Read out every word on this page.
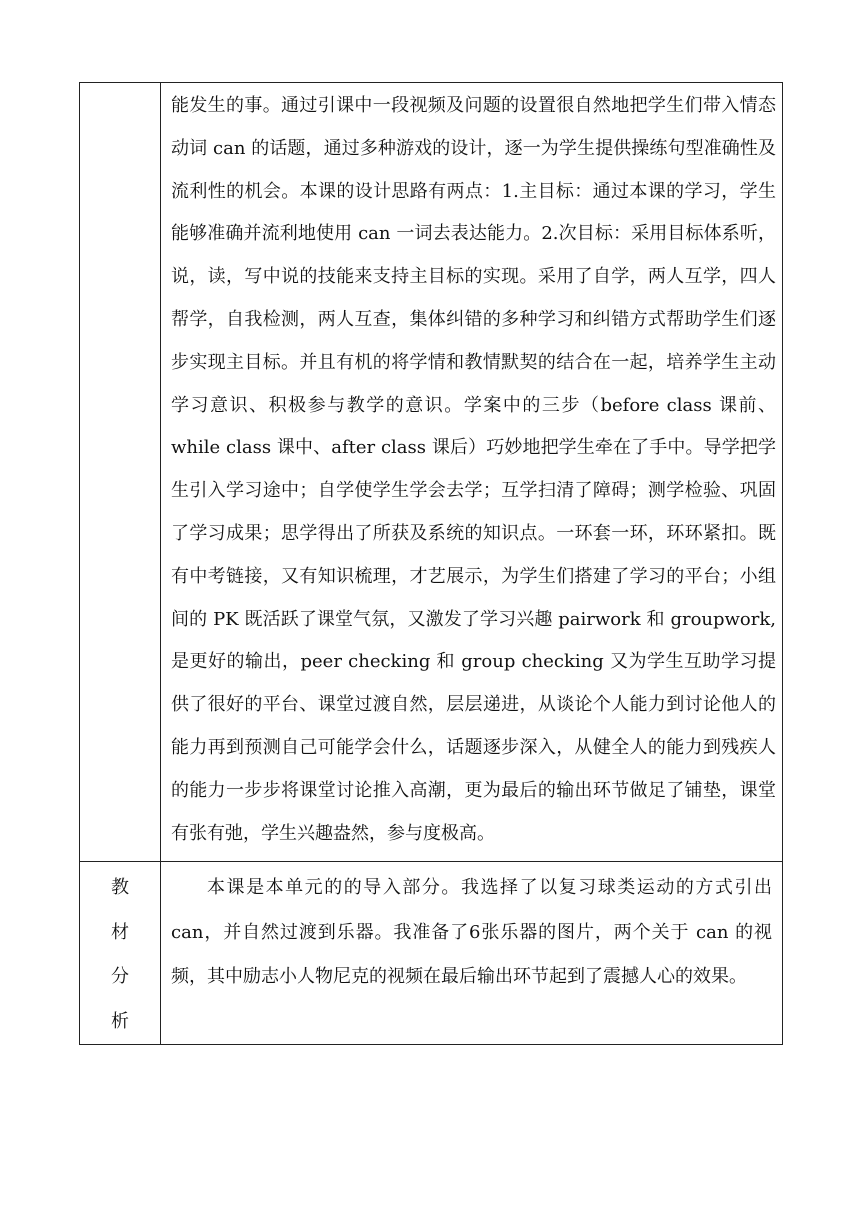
	能发生的事。通过引课中一段视频及问题的设置很自然地把学生们带入情态动词 can 的话题，通过多种游戏的设计，逐一为学生提供操练句型准确性及流利性的机会。本课的设计思路有两点：1.主目标：通过本课的学习，学生能够准确并流利地使用 can 一词去表达能力。2.次目标：采用目标体系听，说，读，写中说的技能来支持主目标的实现。采用了自学，两人互学，四人帮学，自我检测，两人互查，集体纠错的多种学习和纠错方式帮助学生们逐步实现主目标。并且有机的将学情和教情默契的结合在一起，培养学生主动学习意识、积极参与教学的意识。学案中的三步（before class 课前、while class 课中、after class 课后）巧妙地把学生牵在了手中。导学把学生引入学习途中；自学使学生学会去学；互学扫清了障碍；测学检验、巩固了学习成果；思学得出了所获及系统的知识点。一环套一环，环环紧扣。既有中考链接，又有知识梳理，才艺展示，为学生们搭建了学习的平台；小组间的 PK 既活跃了课堂气氛，又激发了学习兴趣 pairwork 和 groupwork,是更好的输出，peer checking 和 group checking 又为学生互助学习提供了很好的平台、课堂过渡自然，层层递进，从谈论个人能力到讨论他人的能力再到预测自己可能学会什么，话题逐步深入，从健全人的能力到残疾人的能力一步步将课堂讨论推入高潮，更为最后的输出环节做足了铺垫，课堂有张有弛，学生兴趣盎然，参与度极高。

教
材
分
析	本课是本单元的的导入部分。我选择了以复习球类运动的方式引出can，并自然过渡到乐器。我准备了6张乐器的图片，两个关于 can 的视频，其中励志小人物尼克的视频在最后输出环节起到了震撼人心的效果。
